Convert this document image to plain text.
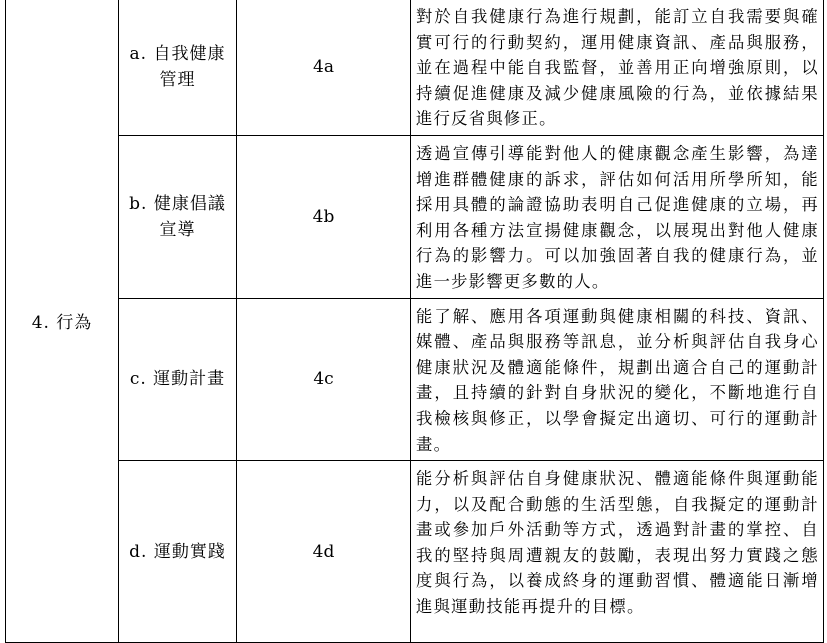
4. 行為	a. 自我健康
管理	4a	對於自我健康行為進行規劃，能訂立自我需要與確實可行的行動契約，運用健康資訊、產品與服務，並在過程中能自我監督，並善用正向增強原則，以持續促進健康及減少健康風險的行為，並依據結果進行反省與修正。

	b. 健康倡議
宣導	4b	透過宣傳引導能對他人的健康觀念產生影響，為達增進群體健康的訴求，評估如何活用所學所知，能採用具體的論證協助表明自己促進健康的立場，再利用各種方法宣揚健康觀念，以展現出對他人健康行為的影響力。可以加強固著自我的健康行為，並進一步影響更多數的人。

	c. 運動計畫	4c	能了解、應用各項運動與健康相關的科技、資訊、媒體、產品與服務等訊息，並分析與評估自我身心健康狀況及體適能條件，規劃出適合自己的運動計畫，且持續的針對自身狀況的變化，不斷地進行自我檢核與修正，以學會擬定出適切、可行的運動計畫。

	d. 運動實踐	4d	能分析與評估自身健康狀況、體適能條件與運動能力，以及配合動態的生活型態，自我擬定的運動計畫或參加戶外活動等方式，透過對計畫的掌控、自我的堅持與周遭親友的鼓勵，表現出努力實踐之態度與行為，以養成終身的運動習慣、體適能日漸增進與運動技能再提升的目標。
